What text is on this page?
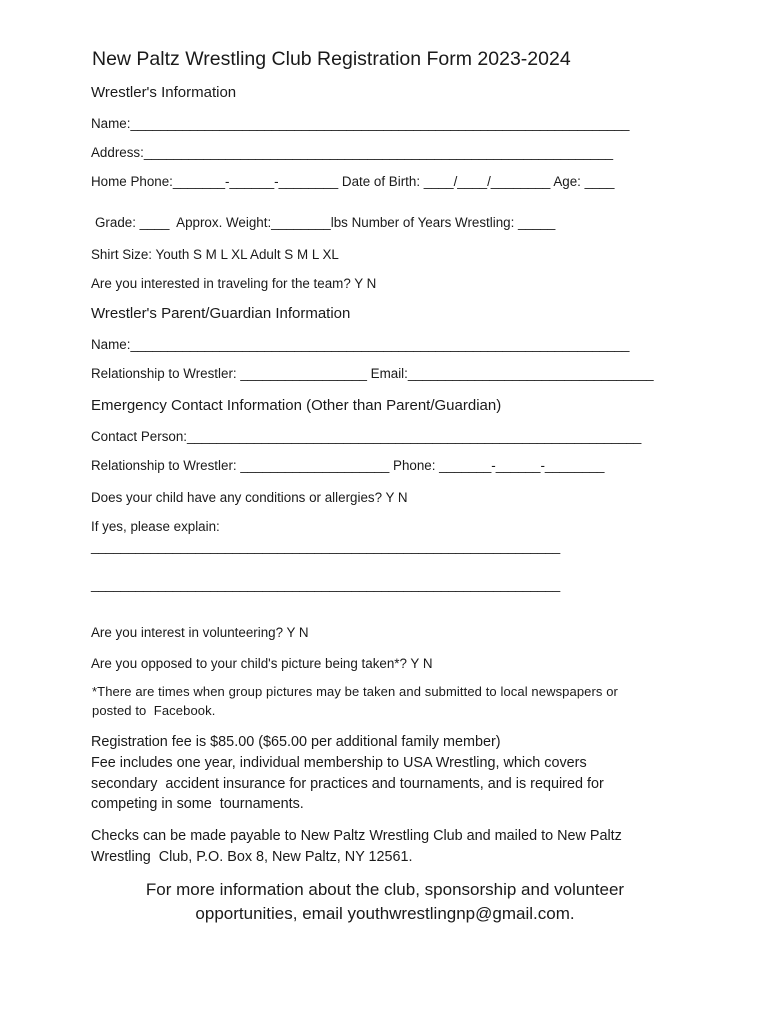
New Paltz Wrestling Club Registration Form 2023-2024
Wrestler's Information
Name:___________________________________________________________________
Address:_______________________________________________________________
Home Phone:_______-______-________ Date of Birth: ____/____/________ Age: ____
Grade: ____  Approx. Weight:________lbs Number of Years Wrestling: _____
Shirt Size: Youth S M L XL Adult S M L XL
Are you interested in traveling for the team? Y N
Wrestler's Parent/Guardian Information
Name:___________________________________________________________________
Relationship to Wrestler: _________________ Email:_________________________________
Emergency Contact Information (Other than Parent/Guardian)
Contact Person:_____________________________________________________________
Relationship to Wrestler: ____________________ Phone: _______-______-________
Does your child have any conditions or allergies? Y N
If yes, please explain:
_______________________________________________________________
_______________________________________________________________
Are you interest in volunteering? Y N
Are you opposed to your child's picture being taken*? Y N
*There are times when group pictures may be taken and submitted to local newspapers or
posted to  Facebook.
Registration fee is $85.00 ($65.00 per additional family member)
Fee includes one year, individual membership to USA Wrestling, which covers
secondary  accident insurance for practices and tournaments, and is required for
competing in some  tournaments.
Checks can be made payable to New Paltz Wrestling Club and mailed to New Paltz
Wrestling  Club, P.O. Box 8, New Paltz, NY 12561.
For more information about the club, sponsorship and volunteer
opportunities, email youthwrestlingnp@gmail.com.
